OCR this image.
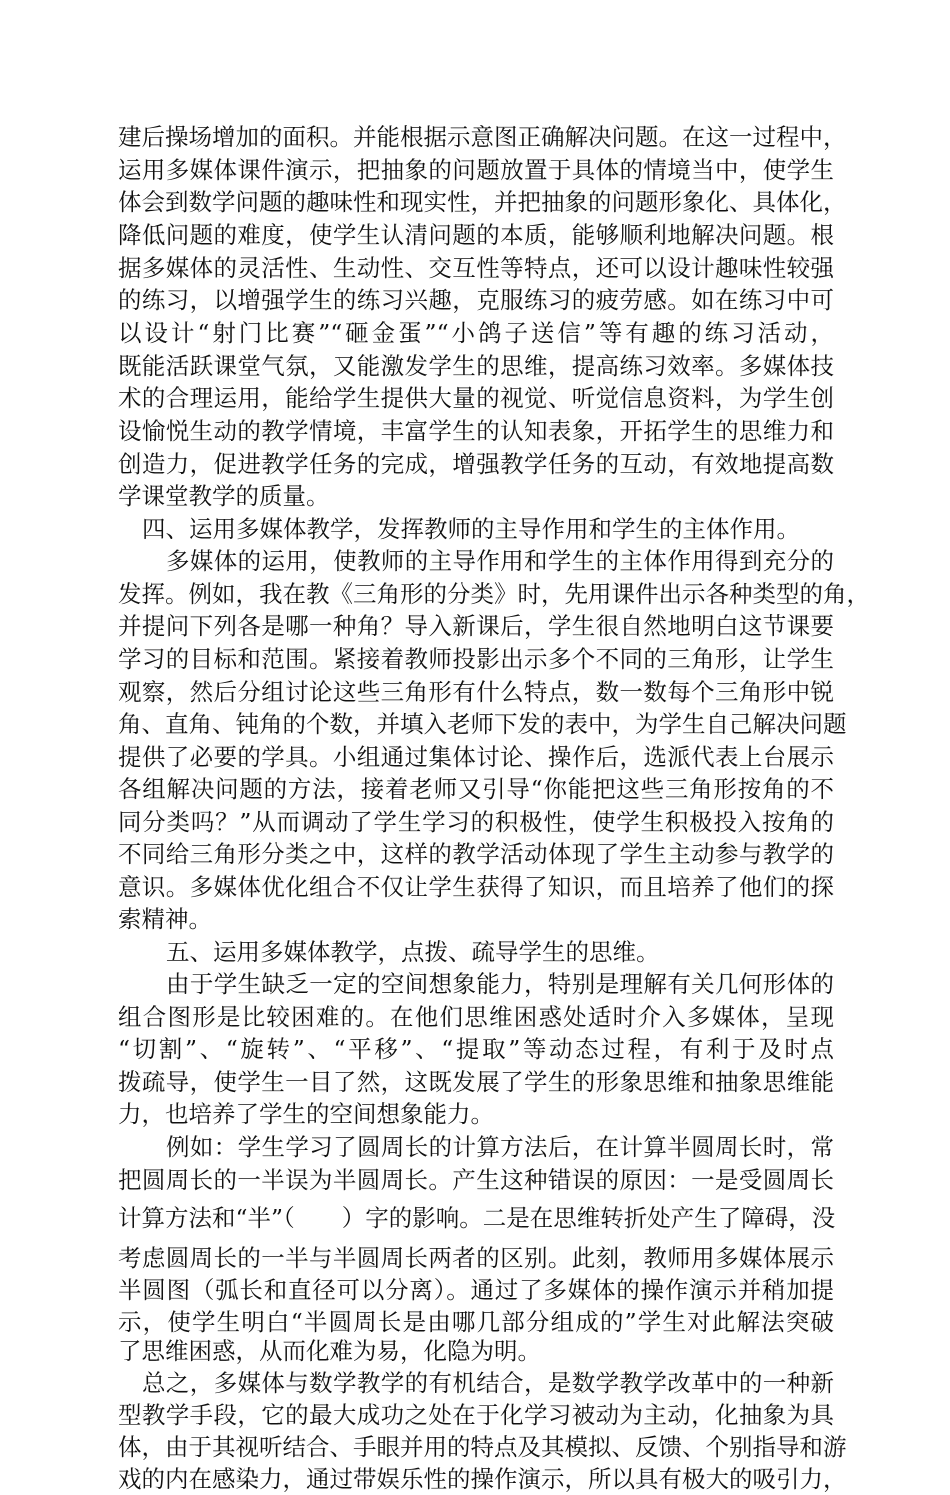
建后操场增加的面积。并能根据示意图正确解决问题。在这一过程中，
运用多媒体课件演示，把抽象的问题放置于具体的情境当中，使学生
体会到数学问题的趣味性和现实性，并把抽象的问题形象化、具体化，
降低问题的难度，使学生认清问题的本质，能够顺利地解决问题。根
据多媒体的灵活性、生动性、交互性等特点，还可以设计趣味性较强
的练习，以增强学生的练习兴趣，克服练习的疲劳感。如在练习中可
以设计“射门比赛”“砸金蛋”“小鸽子送信”等有趣的练习活动，
既能活跃课堂气氛，又能激发学生的思维，提高练习效率。多媒体技
术的合理运用，能给学生提供大量的视觉、听觉信息资料，为学生创
设愉悦生动的教学情境，丰富学生的认知表象，开拓学生的思维力和
创造力，促进教学任务的完成，增强教学任务的互动，有效地提高数
学课堂教学的质量。
四、运用多媒体教学，发挥教师的主导作用和学生的主体作用。
多媒体的运用，使教师的主导作用和学生的主体作用得到充分的
发挥。例如，我在教《三角形的分类》时，先用课件出示各种类型的角，
并提问下列各是哪一种角？导入新课后，学生很自然地明白这节课要
学习的目标和范围。紧接着教师投影出示多个不同的三角形，让学生
观察，然后分组讨论这些三角形有什么特点，数一数每个三角形中锐
角、直角、钝角的个数，并填入老师下发的表中，为学生自己解决问题
提供了必要的学具。小组通过集体讨论、操作后，选派代表上台展示
各组解决问题的方法，接着老师又引导“你能把这些三角形按角的不
同分类吗？”从而调动了学生学习的积极性，使学生积极投入按角的
不同给三角形分类之中，这样的教学活动体现了学生主动参与教学的
意识。多媒体优化组合不仅让学生获得了知识，而且培养了他们的探
索精神。
五、运用多媒体教学，点拨、疏导学生的思维。
由于学生缺乏一定的空间想象能力，特别是理解有关几何形体的
组合图形是比较困难的。在他们思维困惑处适时介入多媒体，呈现
“切割”、“旋转”、“平移”、“提取”等动态过程，有利于及时点
拨疏导，使学生一目了然，这既发展了学生的形象思维和抽象思维能
力，也培养了学生的空间想象能力。
例如：学生学习了圆周长的计算方法后，在计算半圆周长时，常
把圆周长的一半误为半圆周长。产生这种错误的原因：一是受圆周长
计算方法和“半”（　　）字的影响。二是在思维转折处产生了障碍，没
考虑圆周长的一半与半圆周长两者的区别。此刻，教师用多媒体展示
半圆图（弧长和直径可以分离）。通过了多媒体的操作演示并稍加提
示，使学生明白“半圆周长是由哪几部分组成的”学生对此解法突破
了思维困惑，从而化难为易，化隐为明。
总之，多媒体与数学教学的有机结合，是数学教学改革中的一种新
型教学手段，它的最大成功之处在于化学习被动为主动，化抽象为具
体，由于其视听结合、手眼并用的特点及其模拟、反馈、个别指导和游
戏的内在感染力，通过带娱乐性的操作演示，所以具有极大的吸引力，
